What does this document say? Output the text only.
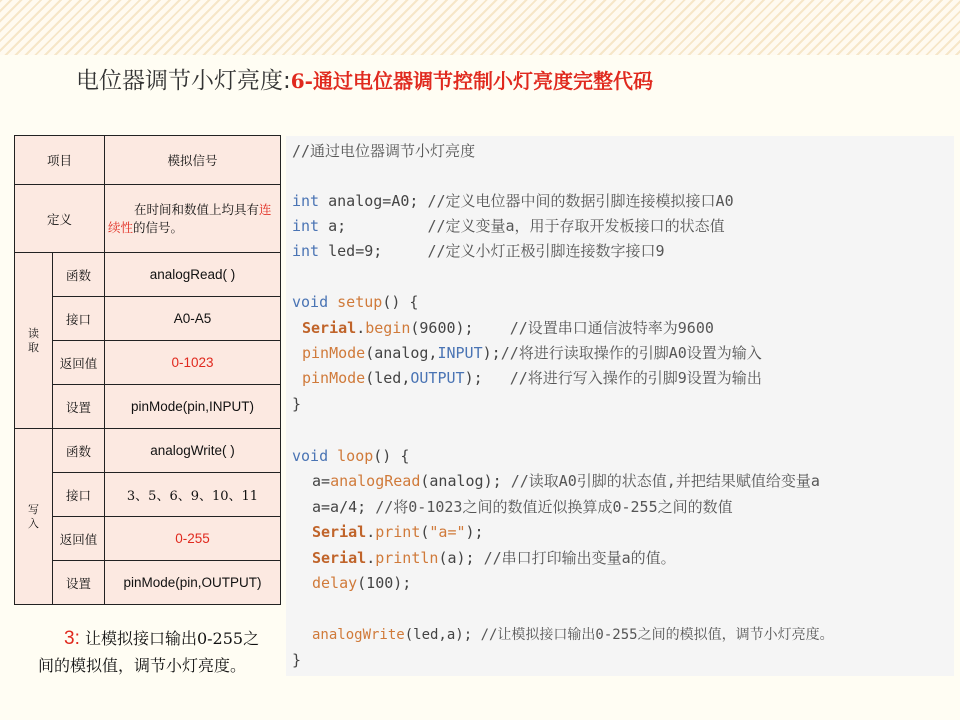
电位器调节小灯亮度:6-通过电位器调节控制小灯亮度完整代码
项目		模拟信号
定义		在时间和数值上均具有连续性的信号。
读取	函数	analogRead( )
	接口	A0-A5
	返回值	0-1023
	设置	pinMode(pin,INPUT)
写入	函数	analogWrite( )
	接口	3、5、6、9、10、11
	返回值	0-255
	设置	pinMode(pin,OUTPUT)
3: 让模拟接口输出0-255之间的模拟值，调节小灯亮度。
//通过电位器调节小灯亮度
int analog=A0; //定义电位器中间的数据引脚连接模拟接口A0
int a;         //定义变量a，用于存取开发板接口的状态值
int led=9;     //定义小灯正极引脚连接数字接口9
void setup() {
Serial.begin(9600);    //设置串口通信波特率为9600
pinMode(analog,INPUT);//将进行读取操作的引脚A0设置为输入
pinMode(led,OUTPUT);   //将进行写入操作的引脚9设置为输出
}
void loop() {
a=analogRead(analog); //读取A0引脚的状态值,并把结果赋值给变量a
a=a/4; //将0-1023之间的数值近似换算成0-255之间的数值
Serial.print("a=");
Serial.println(a); //串口打印输出变量a的值。
delay(100);
analogWrite(led,a); //让模拟接口输出0-255之间的模拟值，调节小灯亮度。
}
